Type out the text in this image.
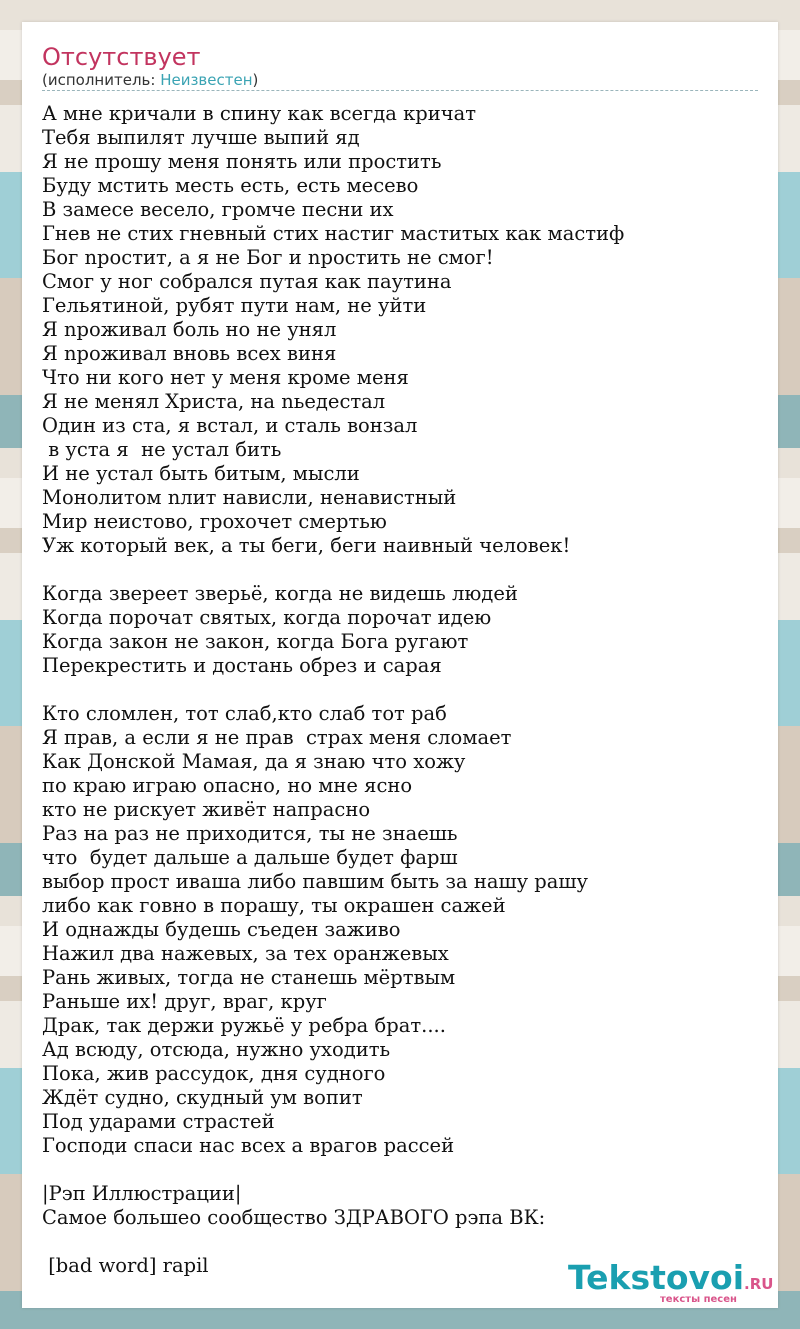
Отсутствует
(исполнитель: Неизвестен)
А мне кричали в спину как всегда кричат
Тебя выпилят лучше выпий яд
Я не прошу меня понять или простить
Буду мстить месть есть, есть месево
В замесе весело, громче песни их
Гнев не стих гневный стих настиг маститых как мастиф
Бог nростит, а я не Бог и nростить не смог!
Смог у ног собрался путая как паутина
Гельятиной, рубят пути нам, не уйти
Я nроживал боль но не унял
Я nроживал вновь всех виня
Что ни кого нет у меня кроме меня
Я не менял Христа, на nьедестал
Один из ста, я встал, и сталь вонзал
в уста я  не устал бить
И не устал быть битым, мысли
Монолитом nлит нависли, ненавистный
Мир неистово, грохочет смертью
Уж который век, а ты беги, беги наивный человек!
Когда звереет зверьё, когда не видешь людей
Когда порочат святых, когда порочат идею
Когда закон не закон, когда Бога ругают
Перекрестить и достань обрез и сарая
Кто сломлен, тот слаб,кто слаб тот раб
Я прав, а если я не прав  страх меня сломает
Как Донской Мамая, да я знаю что хожу
по краю играю опасно, но мне ясно
кто не рискует живёт напрасно
Раз на раз не приходится, ты не знаешь
что  будет дальше а дальше будет фарш
выбор прост иваша либо павшим быть за нашу рашу
либо как говно в порашу, ты окрашен сажей
И однажды будешь съеден заживо
Нажил два нажевых, за тех оранжевых
Рань живых, тогда не станешь мёртвым
Раньше их! друг, враг, круг
Драк, так держи ружьё у ребра брат....
Ад всюду, отсюда, нужно уходить
Пока, жив рассудок, дня судного
Ждёт судно, скудный ум вопит
Под ударами страстей
Господи спаси нас всех а врагов рассей
|Рэп Иллюстрации|
Самое большео сообщество ЗДРАВОГО рэпа ВК:
[bad word] rapil	Tekstovoi.RU
тексты песен
